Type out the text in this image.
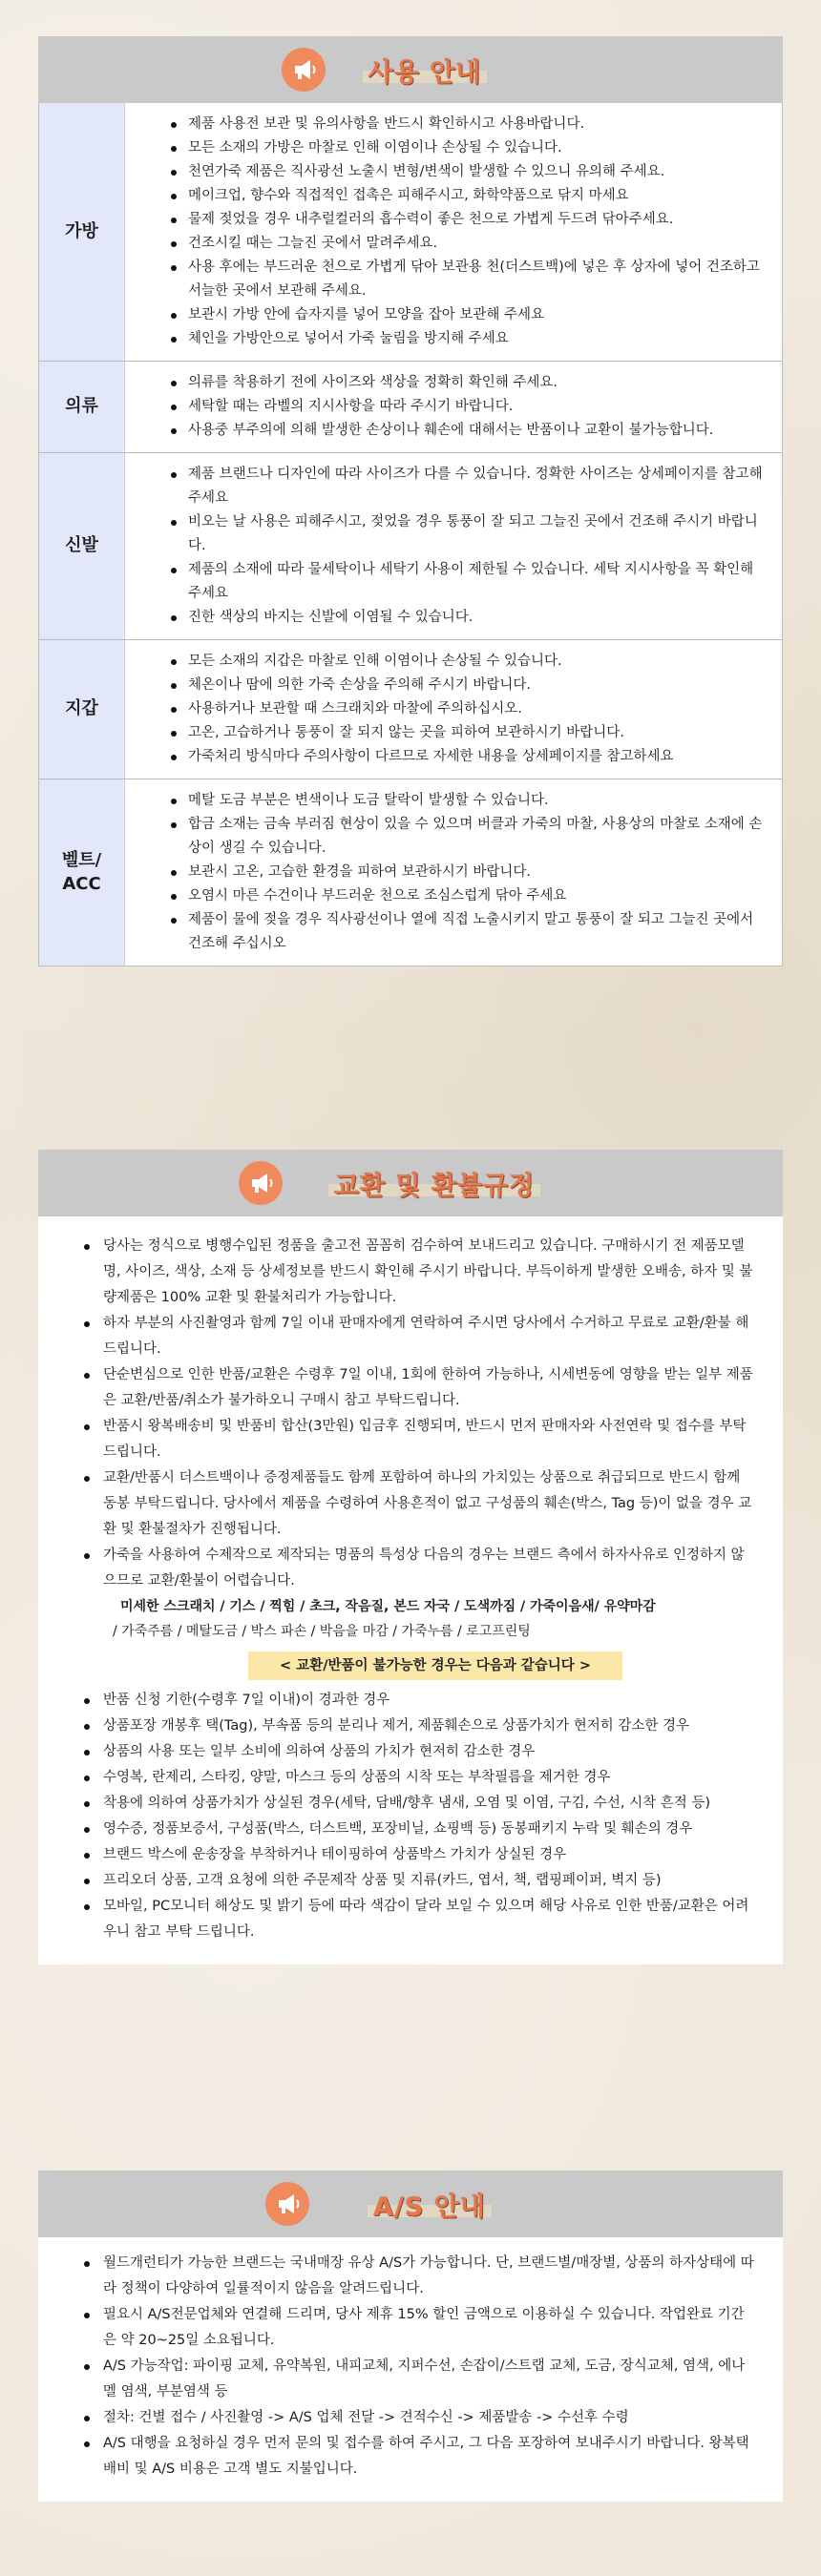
사용 안내
가방
제품 사용전 보관 및 유의사항을 반드시 확인하시고 사용바랍니다.
모든 소재의 가방은 마찰로 인해 이염이나 손상될 수 있습니다.
천연가죽 제품은 직사광선 노출시 변형/변색이 발생할 수 있으니 유의해 주세요.
메이크업, 향수와 직접적인 접촉은 피해주시고, 화학약품으로 닦지 마세요
물제 젖었을 경우 내추럴컬러의 흡수력이 좋은 천으로 가볍게 두드려 닦아주세요.
건조시킬 때는 그늘진 곳에서 말려주세요.
사용 후에는 부드러운 천으로 가볍게 닦아 보관용 천(더스트백)에 넣은 후 상자에 넣어 건조하고 서늘한 곳에서 보관해 주세요.
보관시 가방 안에 습자지를 넣어 모양을 잡아 보관해 주세요
체인을 가방안으로 넣어서 가죽 눌림을 방지해 주세요
의류
의류를 착용하기 전에 사이즈와 색상을 정확히 확인해 주세요.
세탁할 때는 라벨의 지시사항을 따라 주시기 바랍니다.
사용중 부주의에 의해 발생한 손상이나 훼손에 대해서는 반품이나 교환이 불가능합니다.
신발
제품 브랜드나 디자인에 따라 사이즈가 다를 수 있습니다. 정확한 사이즈는 상세페이지를 참고해 주세요
비오는 날 사용은 피해주시고, 젖었을 경우 통풍이 잘 되고 그늘진 곳에서 건조해 주시기 바랍니다.
제품의 소재에 따라 물세탁이나 세탁기 사용이 제한될 수 있습니다. 세탁 지시사항을 꼭 확인해 주세요
진한 색상의 바지는 신발에 이염될 수 있습니다.
지갑
모든 소재의 지갑은 마찰로 인해 이염이나 손상될 수 있습니다.
체온이나 땀에 의한 가죽 손상을 주의해 주시기 바랍니다.
사용하거나 보관할 때 스크래치와 마찰에 주의하십시오.
고온, 고습하거나 통풍이 잘 되지 않는 곳을 피하여 보관하시기 바랍니다.
가죽처리 방식마다 주의사항이 다르므로 자세한 내용을 상세페이지를 참고하세요
벨트/
ACC
메탈 도금 부분은 변색이나 도금 탈락이 발생할 수 있습니다.
합금 소재는 금속 부러짐 현상이 있을 수 있으며 버클과 가죽의 마찰, 사용상의 마찰로 소재에 손상이 생길 수 있습니다.
보관시 고온, 고습한 환경을 피하여 보관하시기 바랍니다.
오염시 마른 수건이나 부드러운 천으로 조심스럽게 닦아 주세요
제품이 물에 젖을 경우 직사광선이나 열에 직접 노출시키지 말고 통풍이 잘 되고 그늘진 곳에서 건조해 주십시오
교환 및 환불규정
당사는 정식으로 병행수입된 정품을 출고전 꼼꼼히 검수하여 보내드리고 있습니다. 구매하시기 전 제품모델명, 사이즈, 색상, 소재 등 상세정보를 반드시 확인해 주시기 바랍니다. 부득이하게 발생한 오배송, 하자 및 불량제품은 100% 교환 및 환불처리가 가능합니다.
하자 부분의 사진촬영과 함께 7일 이내 판매자에게 연락하여 주시면 당사에서 수거하고 무료로 교환/환불 해 드립니다.
단순변심으로 인한 반품/교환은 수령후 7일 이내, 1회에 한하여 가능하나, 시세변동에 영향을 받는 일부 제품은 교환/반품/취소가 불가하오니 구매시 참고 부탁드립니다.
반품시 왕복배송비 및 반품비 합산(3만원) 입금후 진행되며, 반드시 먼저 판매자와 사전연락 및 접수를 부탁드립니다.
교환/반품시 더스트백이나 증정제품들도 함께 포함하여 하나의 가치있는 상품으로 취급되므로 반드시 함께 동봉 부탁드립니다. 당사에서 제품을 수령하여 사용흔적이 없고 구성품의 훼손(박스, Tag 등)이 없을 경우 교환 및 환불절차가 진행됩니다.
가죽을 사용하여 수제작으로 제작되는 명품의 특성상 다음의 경우는 브랜드 측에서 하자사유로 인정하지 않으므로 교환/환불이 어렵습니다.
미세한 스크래치 / 기스 / 찍힘 / 초크, 작음질, 본드 자국 / 도색까짐 / 가죽이음새/ 유약마감
/ 가죽주름 / 메탈도금 / 박스 파손 / 박음을 마감 / 가죽누름 / 로고프린팅
< 교환/반품이 불가능한 경우는 다음과 같습니다 >
반품 신청 기한(수령후 7일 이내)이 경과한 경우
상품포장 개봉후 택(Tag), 부속품 등의 분리나 제거, 제품훼손으로 상품가치가 현저히 감소한 경우
상품의 사용 또는 일부 소비에 의하여 상품의 가치가 현저히 감소한 경우
수영복, 란제리, 스타킹, 양말, 마스크 등의 상품의 시착 또는 부착필름을 제거한 경우
착용에 의하여 상품가치가 상실된 경우(세탁, 담배/향후 냄새, 오염 및 이염, 구김, 수선, 시착 흔적 등)
영수증, 정품보증서, 구성품(박스, 더스트백, 포장비닐, 쇼핑백 등) 동봉패키지 누락 및 훼손의 경우
브랜드 박스에 운송장을 부착하거나 테이핑하여 상품박스 가치가 상실된 경우
프리오더 상품, 고객 요청에 의한 주문제작 상품 및 지류(카드, 엽서, 책, 랩핑페이퍼, 벽지 등)
모바일, PC모니터 해상도 및 밝기 등에 따라 색감이 달라 보일 수 있으며 해당 사유로 인한 반품/교환은 어려우니 참고 부탁 드립니다.
A/S 안내
월드개런티가 가능한 브랜드는 국내매장 유상 A/S가 가능합니다. 단, 브랜드별/매장별, 상품의 하자상태에 따라 정책이 다양하여 일률적이지 않음을 알려드립니다.
필요시 A/S전문업체와 연결해 드리며, 당사 제휴 15% 할인 금액으로 이용하실 수 있습니다. 작업완료 기간은 약 20~25일 소요됩니다.
A/S 가능작업: 파이핑 교체, 유약복원, 내피교체, 지퍼수선, 손잡이/스트랩 교체, 도금, 장식교체, 염색, 에나멜 염색, 부분염색 등
절차: 건별 접수 / 사진촬영 -> A/S 업체 전달 -> 견적수신 -> 제품발송 -> 수선후 수령
A/S 대행을 요청하실 경우 먼저 문의 및 접수를 하여 주시고, 그 다음 포장하여 보내주시기 바랍니다. 왕복택배비 및 A/S 비용은 고객 별도 지불입니다.
